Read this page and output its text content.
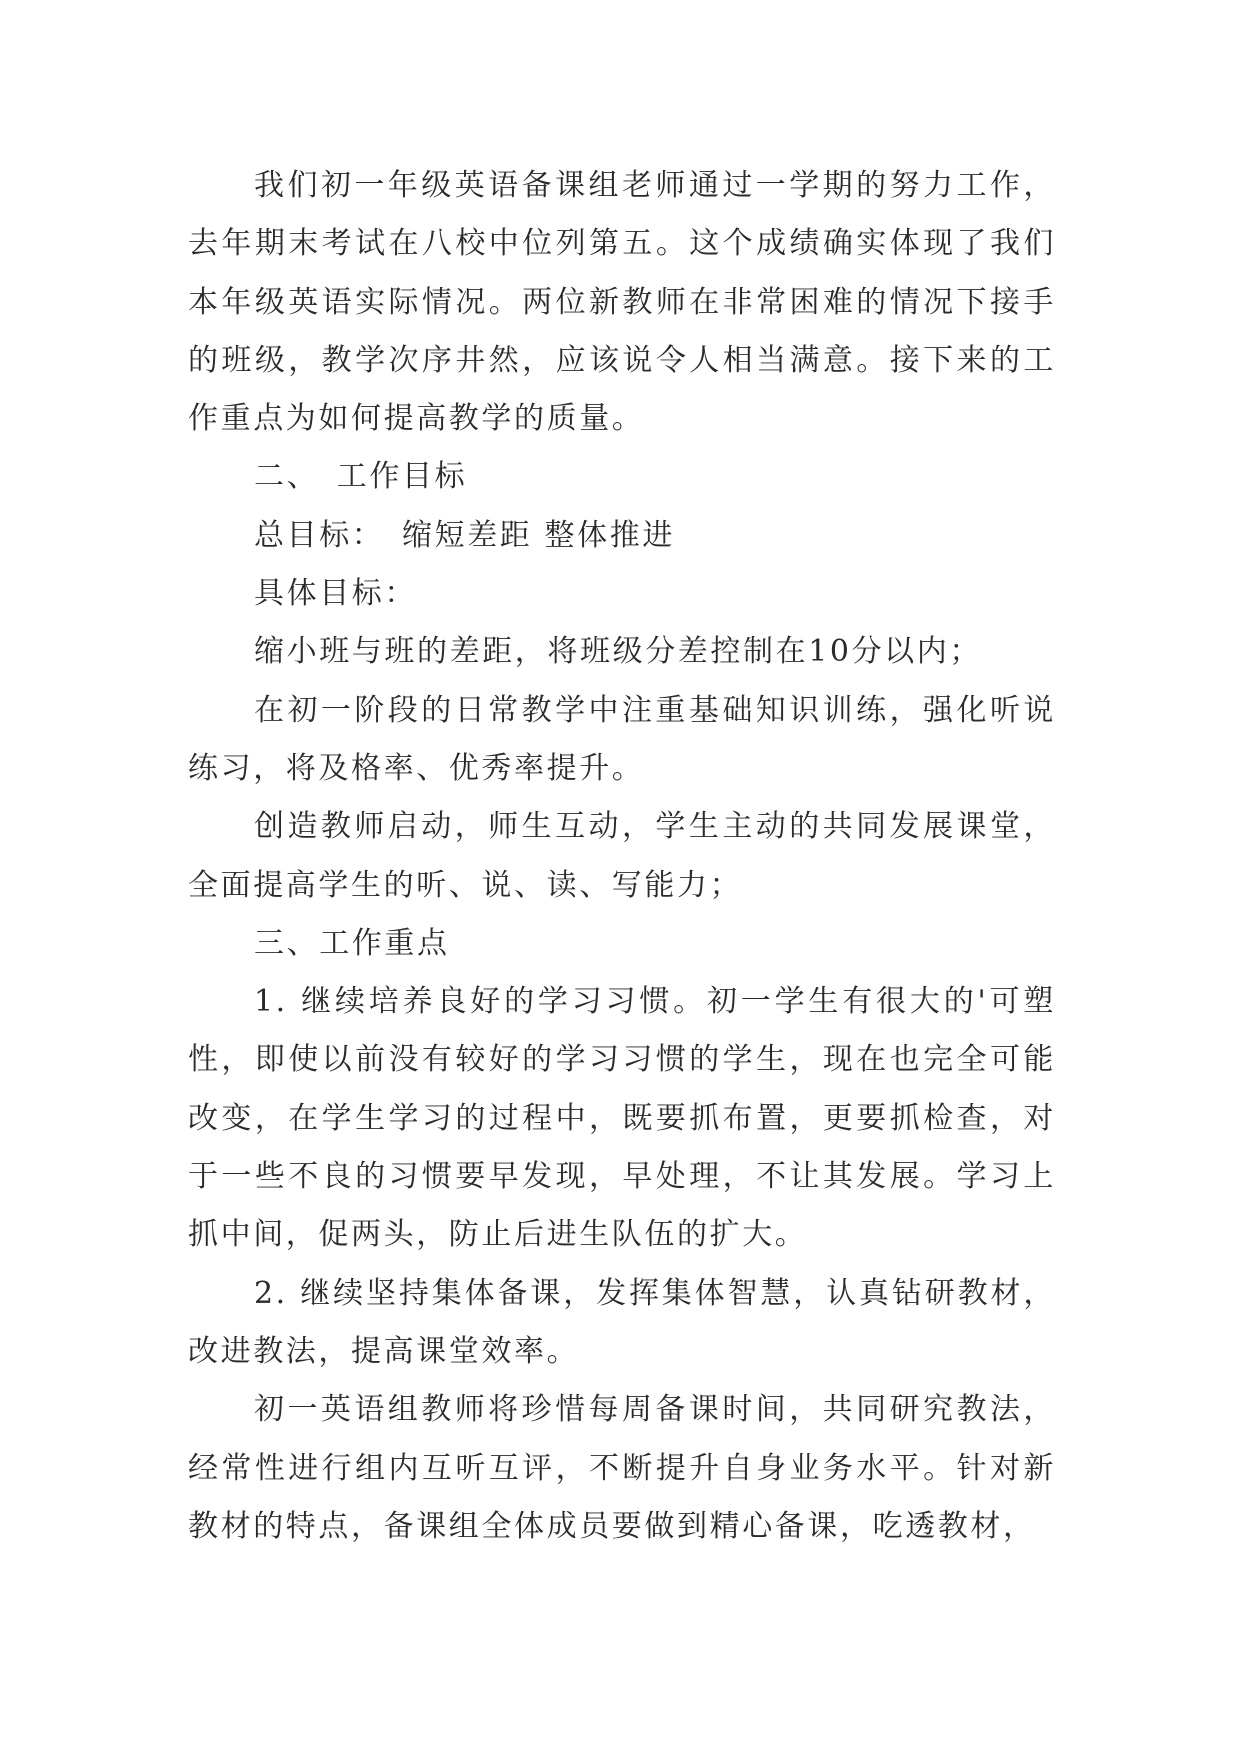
我们初一年级英语备课组老师通过一学期的努力工作，去年期末考试在八校中位列第五。这个成绩确实体现了我们本年级英语实际情况。两位新教师在非常困难的情况下接手的班级，教学次序井然，应该说令人相当满意。接下来的工作重点为如何提高教学的质量。

二、　工作目标

总目标：　缩短差距 整体推进

具体目标：

缩小班与班的差距，将班级分差控制在10分以内；

在初一阶段的日常教学中注重基础知识训练，强化听说练习，将及格率、优秀率提升。

创造教师启动，师生互动，学生主动的共同发展课堂，全面提高学生的听、说、读、写能力；

三、工作重点

1. 继续培养良好的学习习惯。初一学生有很大的'可塑性，即使以前没有较好的学习习惯的学生，现在也完全可能改变，在学生学习的过程中，既要抓布置，更要抓检查，对于一些不良的习惯要早发现，早处理，不让其发展。学习上抓中间，促两头，防止后进生队伍的扩大。

2. 继续坚持集体备课，发挥集体智慧，认真钻研教材，改进教法，提高课堂效率。

初一英语组教师将珍惜每周备课时间，共同研究教法，经常性进行组内互听互评，不断提升自身业务水平。针对新教材的特点，备课组全体成员要做到精心备课，吃透教材，
